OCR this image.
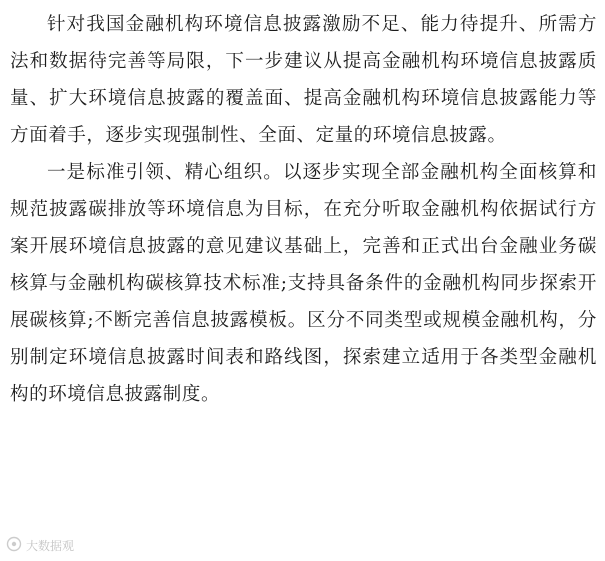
针对我国金融机构环境信息披露激励不足、能力待提升、所需方法和数据待完善等局限，下一步建议从提高金融机构环境信息披露质量、扩大环境信息披露的覆盖面、提高金融机构环境信息披露能力等方面着手，逐步实现强制性、全面、定量的环境信息披露。

一是标准引领、精心组织。以逐步实现全部金融机构全面核算和规范披露碳排放等环境信息为目标，在充分听取金融机构依据试行方案开展环境信息披露的意见建议基础上，完善和正式出台金融业务碳核算与金融机构碳核算技术标准;支持具备条件的金融机构同步探索开展碳核算;不断完善信息披露模板。区分不同类型或规模金融机构，分别制定环境信息披露时间表和路线图，探索建立适用于各类型金融机构的环境信息披露制度。

大数据观
